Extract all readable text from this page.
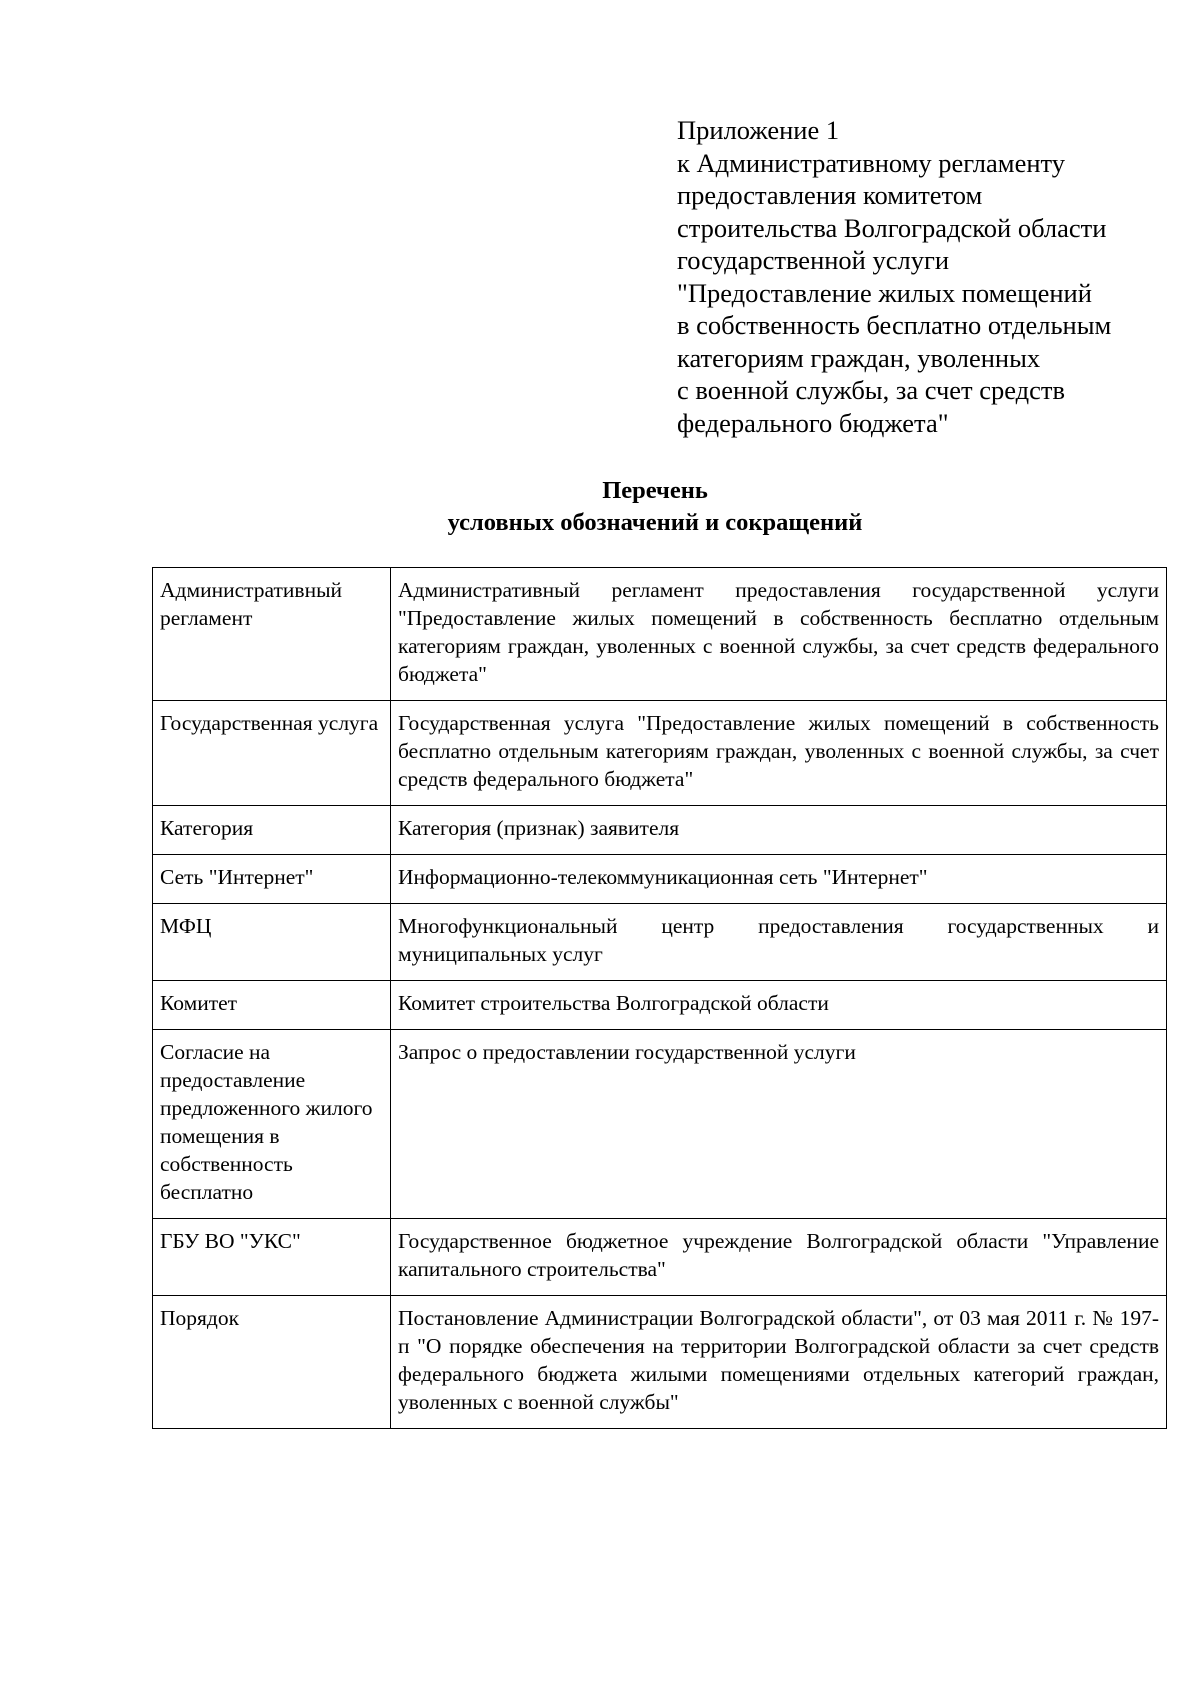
Приложение 1
к Административному регламенту
предоставления комитетом
строительства Волгоградской области
государственной услуги
"Предоставление жилых помещений
в собственность бесплатно отдельным
категориям граждан, уволенных
с военной службы, за счет средств
федерального бюджета"
Перечень
условных обозначений и сокращений
Административный регламент	Административный регламент предоставления государственной услуги "Предоставление жилых помещений в собственность бесплатно отдельным категориям граждан, уволенных с военной службы, за счет средств федерального бюджета"
Государственная услуга	Государственная услуга "Предоставление жилых помещений в собственность бесплатно отдельным категориям граждан, уволенных с военной службы, за счет средств федерального бюджета"
Категория	Категория (признак) заявителя
Сеть "Интернет"	Информационно-телекоммуникационная сеть "Интернет"
МФЦ	Многофункциональный центр предоставления государственных и муниципальных услуг
Комитет	Комитет строительства Волгоградской области
Согласие на предоставление предложенного жилого помещения в собственность бесплатно	Запрос о предоставлении государственной услуги
ГБУ ВО "УКС"	Государственное бюджетное учреждение Волгоградской области "Управление капитального строительства"
Порядок	Постановление Администрации Волгоградской области", от 03 мая 2011 г. № 197-п "О порядке обеспечения на территории Волгоградской области за счет средств федерального бюджета жилыми помещениями отдельных категорий граждан, уволенных с военной службы"
